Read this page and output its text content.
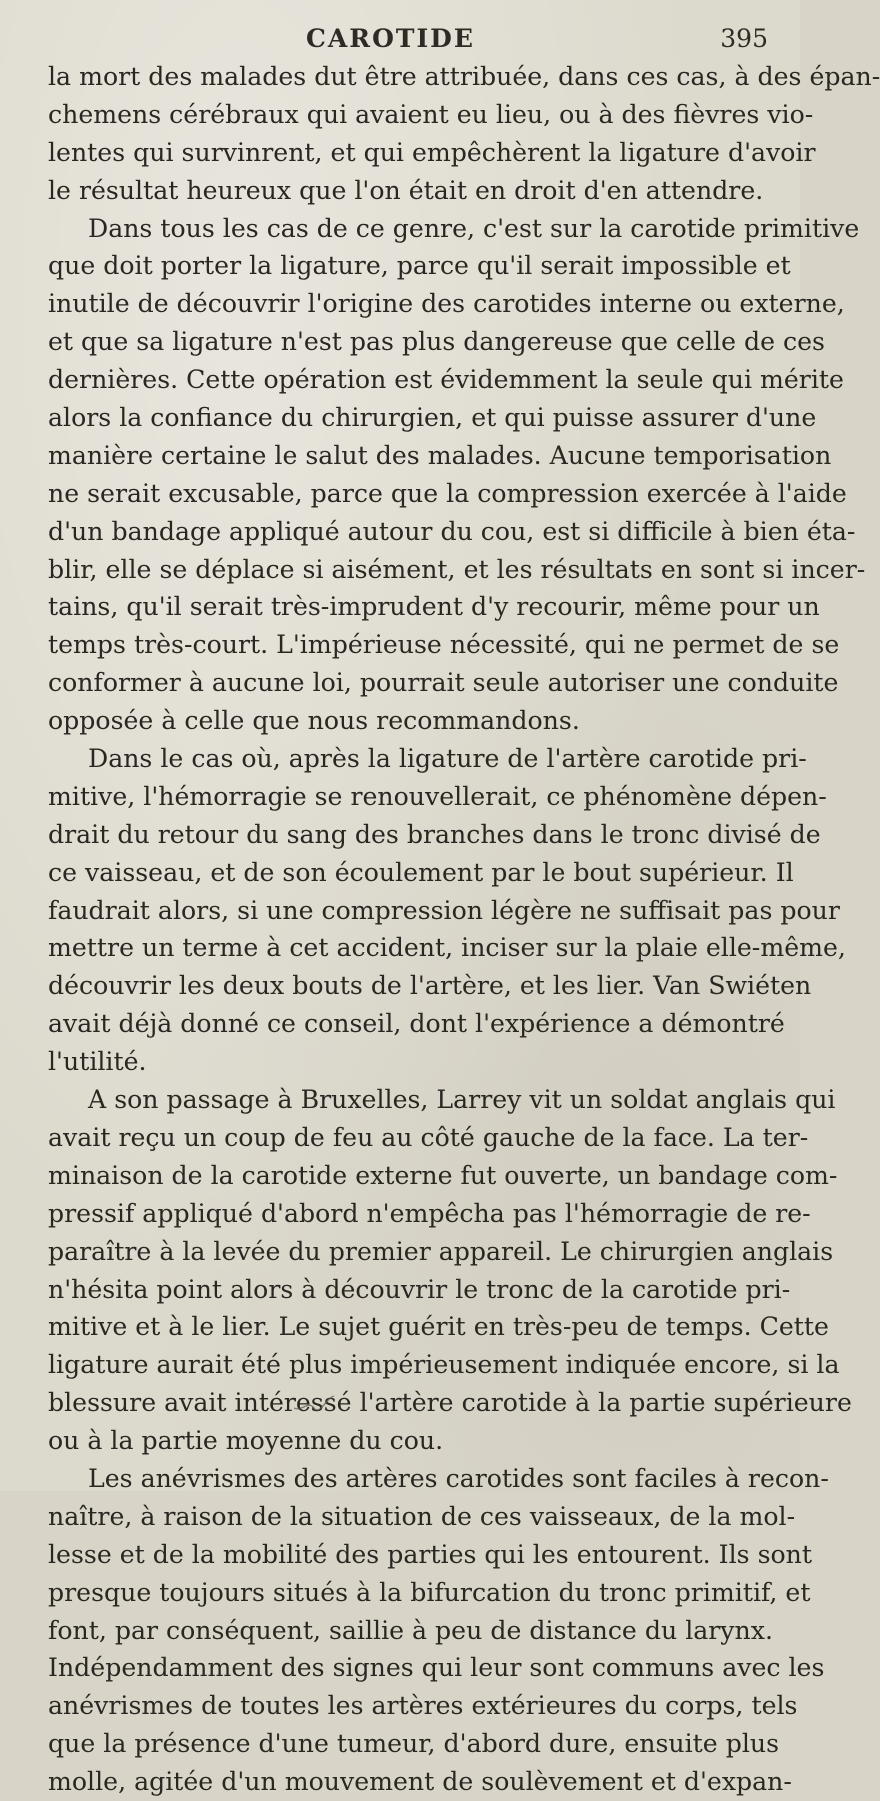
CAROTIDE	395
la mort des malades dut être attribuée, dans ces cas, à des épan-
chemens cérébraux qui avaient eu lieu, ou à des fièvres vio-
lentes qui survinrent, et qui empêchèrent la ligature d'avoir
le résultat heureux que l'on était en droit d'en attendre.
Dans tous les cas de ce genre, c'est sur la carotide primitive
que doit porter la ligature, parce qu'il serait impossible et
inutile de découvrir l'origine des carotides interne ou externe,
et que sa ligature n'est pas plus dangereuse que celle de ces
dernières. Cette opération est évidemment la seule qui mérite
alors la confiance du chirurgien, et qui puisse assurer d'une
manière certaine le salut des malades. Aucune temporisation
ne serait excusable, parce que la compression exercée à l'aide
d'un bandage appliqué autour du cou, est si difficile à bien éta-
blir, elle se déplace si aisément, et les résultats en sont si incer-
tains, qu'il serait très-imprudent d'y recourir, même pour un
temps très-court. L'impérieuse nécessité, qui ne permet de se
conformer à aucune loi, pourrait seule autoriser une conduite
opposée à celle que nous recommandons.
Dans le cas où, après la ligature de l'artère carotide pri-
mitive, l'hémorragie se renouvellerait, ce phénomène dépen-
drait du retour du sang des branches dans le tronc divisé de
ce vaisseau, et de son écoulement par le bout supérieur. Il
faudrait alors, si une compression légère ne suffisait pas pour
mettre un terme à cet accident, inciser sur la plaie elle-même,
découvrir les deux bouts de l'artère, et les lier. Van Swiéten
avait déjà donné ce conseil, dont l'expérience a démontré
l'utilité.
A son passage à Bruxelles, Larrey vit un soldat anglais qui
avait reçu un coup de feu au côté gauche de la face. La ter-
minaison de la carotide externe fut ouverte, un bandage com-
pressif appliqué d'abord n'empêcha pas l'hémorragie de re-
paraître à la levée du premier appareil. Le chirurgien anglais
n'hésita point alors à découvrir le tronc de la carotide pri-
mitive et à le lier. Le sujet guérit en très-peu de temps. Cette
ligature aurait été plus impérieusement indiquée encore, si la
blessure avait intéressé l'artère carotide à la partie supérieure
ou à la partie moyenne du cou.
Les anévrismes des artères carotides sont faciles à recon-
naître, à raison de la situation de ces vaisseaux, de la mol-
lesse et de la mobilité des parties qui les entourent. Ils sont
presque toujours situés à la bifurcation du tronc primitif, et
font, par conséquent, saillie à peu de distance du larynx.
Indépendamment des signes qui leur sont communs avec les
anévrismes de toutes les artères extérieures du corps, tels
que la présence d'une tumeur, d'abord dure, ensuite plus
molle, agitée d'un mouvement de soulèvement et d'expan-
